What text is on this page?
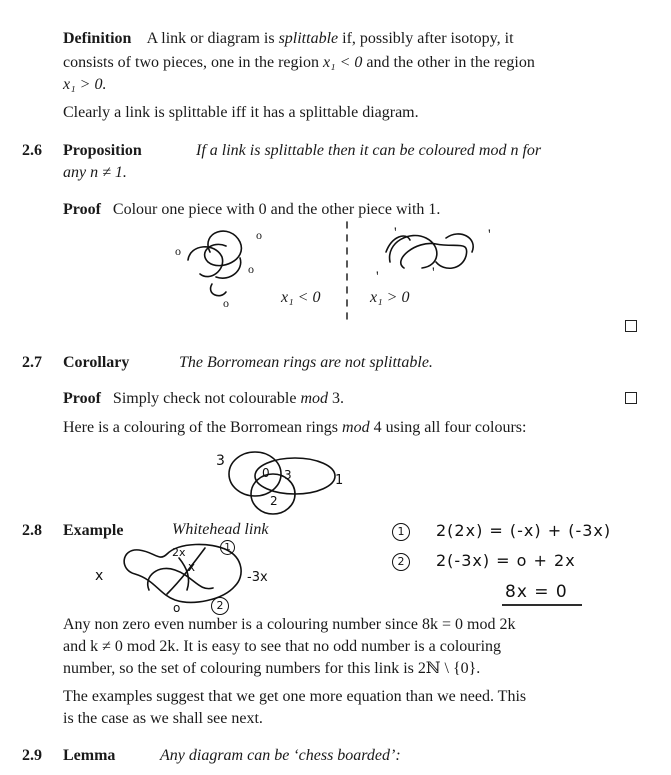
Definition A link or diagram is splittable if, possibly after isotopy, it
consists of two pieces, one in the region x₁ < 0 and the other in the region
x₁ > 0.
Clearly a link is splittable iff it has a splittable diagram.
2.6 Proposition	If a link is splittable then it can be coloured mod n for
any n ≠ 1.
Proof Colour one piece with 0 and the other piece with 1.
o
o
o
o
'	'
'	'
x₁ < 0	x₁ > 0
2.7 Corollary	The Borromean rings are not splittable.
Proof Simply check not colourable mod 3.
Here is a colouring of the Borromean rings mod 4 using all four colours:
3
0 3	1
2
2.8 Example	Whitehead link
2x
x
x	-3x
o
1
2
1	2(2x) = (-x) + (-3x)
2	2(-3x) = o + 2x
8x = 0
Any non zero even number is a colouring number since 8k = 0 mod 2k
and k ≠ 0 mod 2k. It is easy to see that no odd number is a colouring
number, so the set of colouring numbers for this link is 2ℕ \ {0}.
The examples suggest that we get one more equation than we need. This
is the case as we shall see next.
2.9 Lemma	Any diagram can be ‘chess boarded’:
